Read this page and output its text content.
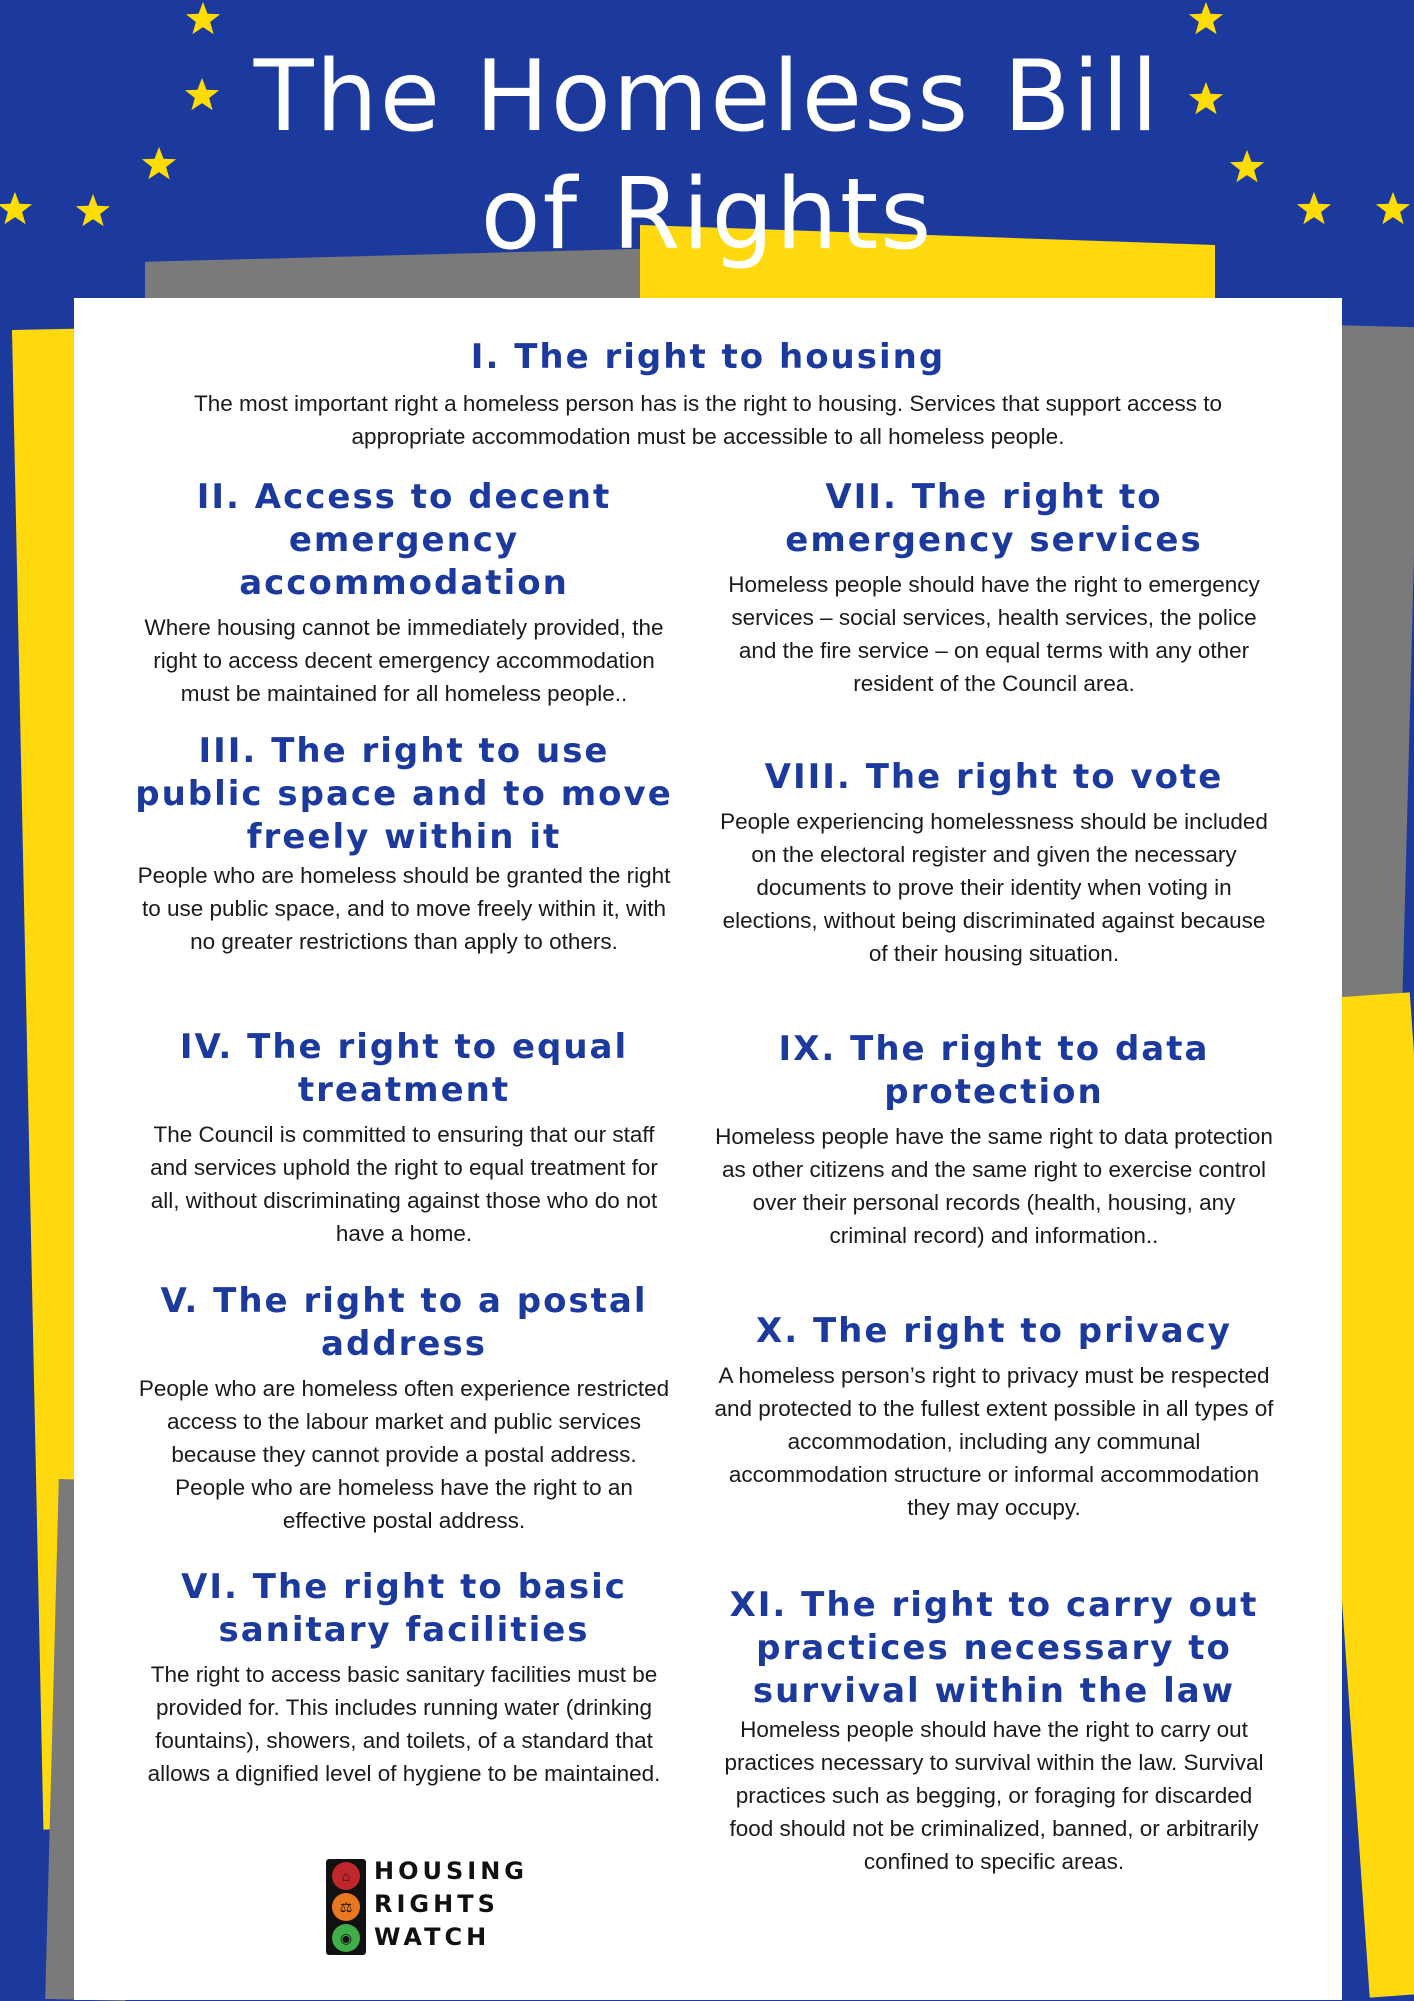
The Homeless Bill
of Rights
I. The right to housing

The most important right a homeless person has is the right to housing. Services that support access to appropriate accommodation must be accessible to all homeless people.

II. Access to decent emergency accommodation

Where housing cannot be immediately provided, the right to access decent emergency accommodation must be maintained for all homeless people..

III. The right to use public space and to move freely within it

People who are homeless should be granted the right to use public space, and to move freely within it, with no greater restrictions than apply to others.

IV. The right to equal treatment

The Council is committed to ensuring that our staff and services uphold the right to equal treatment for all, without discriminating against those who do not have a home.

V. The right to a postal address

People who are homeless often experience restricted access to the labour market and public services because they cannot provide a postal address. People who are homeless have the right to an effective postal address.

VI. The right to basic sanitary facilities

The right to access basic sanitary facilities must be provided for. This includes running water (drinking fountains), showers, and toilets, of a standard that allows a dignified level of hygiene to be maintained.

VII. The right to emergency services

Homeless people should have the right to emergency services – social services, health services, the police and the fire service – on equal terms with any other resident of the Council area.

VIII. The right to vote

People experiencing homelessness should be included on the electoral register and given the necessary documents to prove their identity when voting in elections, without being discriminated against because of their housing situation.

IX. The right to data protection

Homeless people have the same right to data protection as other citizens and the same right to exercise control over their personal records (health, housing, any criminal record) and information..

X. The right to privacy

A homeless person’s right to privacy must be respected and protected to the fullest extent possible in all types of accommodation, including any communal accommodation structure or informal accommodation they may occupy.

XI. The right to carry out practices necessary to survival within the law

Homeless people should have the right to carry out practices necessary to survival within the law. Survival practices such as begging, or foraging for discarded food should not be criminalized, banned, or arbitrarily confined to specific areas.

⌂
⚖
◉
HOUSING
RIGHTS
WATCH
